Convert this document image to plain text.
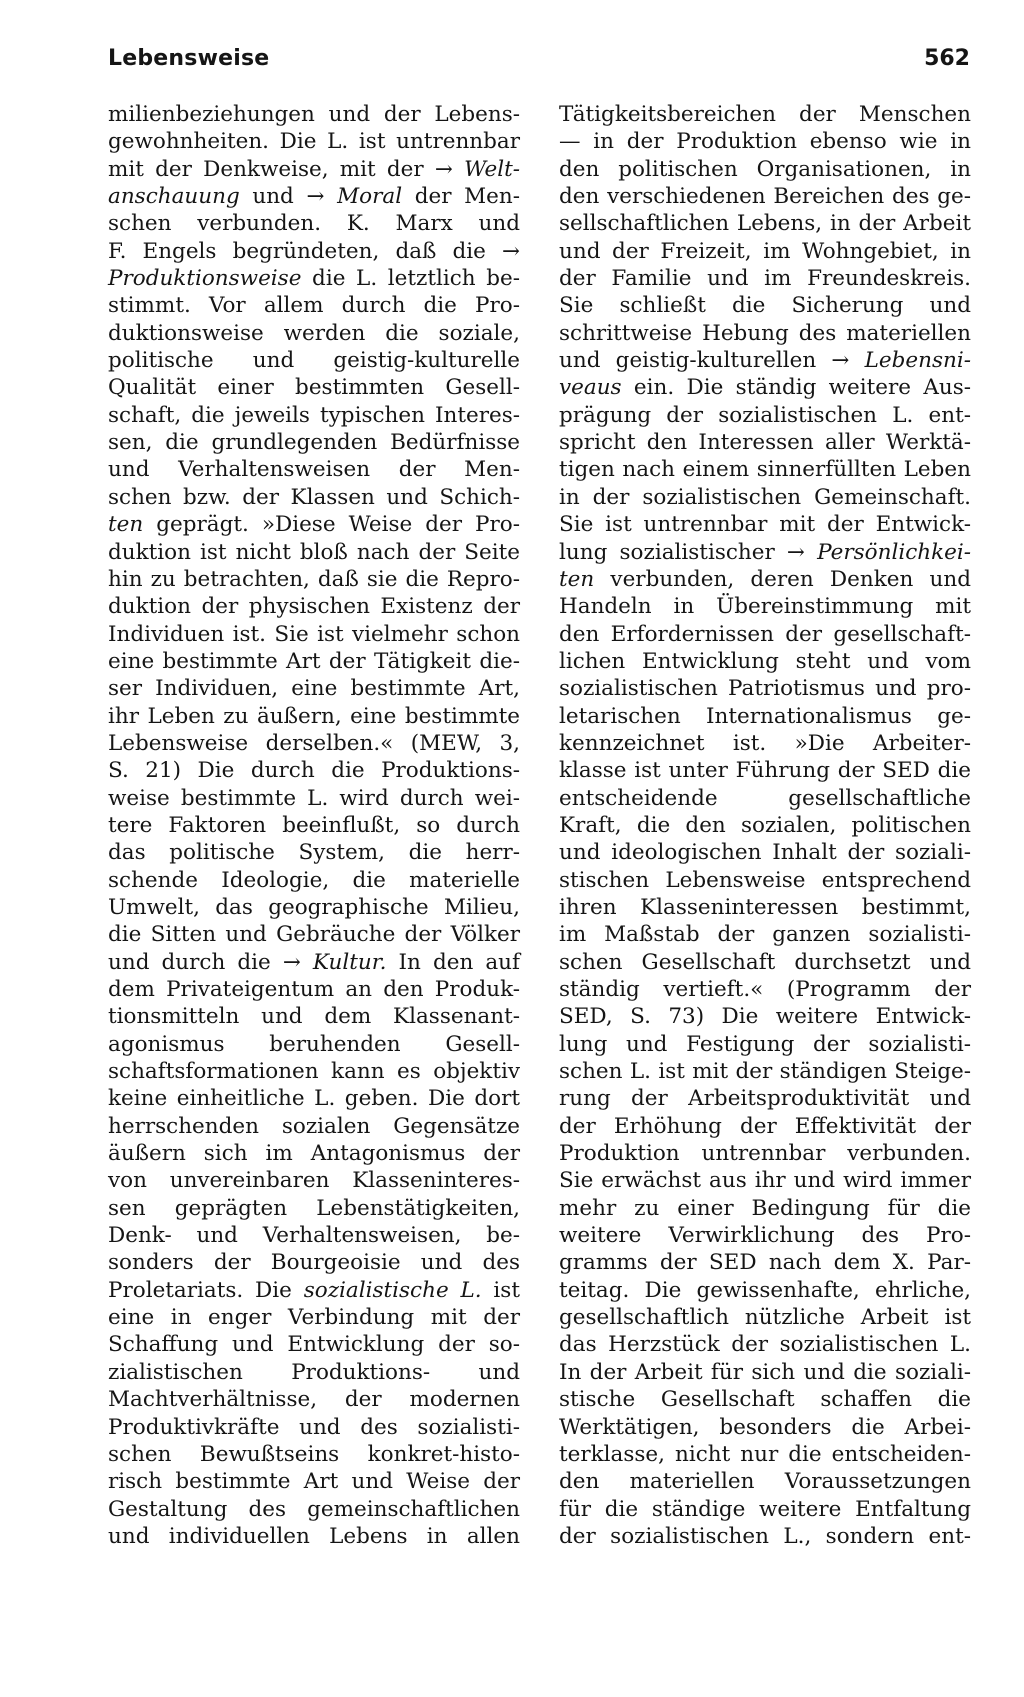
Lebensweise	562
milienbeziehungen und der Lebens-
gewohnheiten. Die L. ist untrennbar
mit der Denkweise, mit der → Welt-
anschauung und → Moral der Men-
schen verbunden. K. Marx und
F. Engels begründeten, daß die →
Produktionsweise die L. letztlich be-
stimmt. Vor allem durch die Pro-
duktionsweise werden die soziale,
politische und geistig-kulturelle
Qualität einer bestimmten Gesell-
schaft, die jeweils typischen Interes-
sen, die grundlegenden Bedürfnisse
und Verhaltensweisen der Men-
schen bzw. der Klassen und Schich-
ten geprägt. »Diese Weise der Pro-
duktion ist nicht bloß nach der Seite
hin zu betrachten, daß sie die Repro-
duktion der physischen Existenz der
Individuen ist. Sie ist vielmehr schon
eine bestimmte Art der Tätigkeit die-
ser Individuen, eine bestimmte Art,
ihr Leben zu äußern, eine bestimmte
Lebensweise derselben.« (MEW, 3,
S. 21) Die durch die Produktions-
weise bestimmte L. wird durch wei-
tere Faktoren beeinflußt, so durch
das politische System, die herr-
schende Ideologie, die materielle
Umwelt, das geographische Milieu,
die Sitten und Gebräuche der Völker
und durch die → Kultur. In den auf
dem Privateigentum an den Produk-
tionsmitteln und dem Klassenant-
agonismus beruhenden Gesell-
schaftsformationen kann es objektiv
keine einheitliche L. geben. Die dort
herrschenden sozialen Gegensätze
äußern sich im Antagonismus der
von unvereinbaren Klasseninteres-
sen geprägten Lebenstätigkeiten,
Denk- und Verhaltensweisen, be-
sonders der Bourgeoisie und des
Proletariats. Die sozialistische L. ist
eine in enger Verbindung mit der
Schaffung und Entwicklung der so-
zialistischen Produktions- und
Machtverhältnisse, der modernen
Produktivkräfte und des sozialisti-
schen Bewußtseins konkret-histo-
risch bestimmte Art und Weise der
Gestaltung des gemeinschaftlichen
und individuellen Lebens in allen
Tätigkeitsbereichen der Menschen
— in der Produktion ebenso wie in
den politischen Organisationen, in
den verschiedenen Bereichen des ge-
sellschaftlichen Lebens, in der Arbeit
und der Freizeit, im Wohngebiet, in
der Familie und im Freundeskreis.
Sie schließt die Sicherung und
schrittweise Hebung des materiellen
und geistig-kulturellen → Lebensni-
veaus ein. Die ständig weitere Aus-
prägung der sozialistischen L. ent-
spricht den Interessen aller Werktä-
tigen nach einem sinnerfüllten Leben
in der sozialistischen Gemeinschaft.
Sie ist untrennbar mit der Entwick-
lung sozialistischer → Persönlichkei-
ten verbunden, deren Denken und
Handeln in Übereinstimmung mit
den Erfordernissen der gesellschaft-
lichen Entwicklung steht und vom
sozialistischen Patriotismus und pro-
letarischen Internationalismus ge-
kennzeichnet ist. »Die Arbeiter-
klasse ist unter Führung der SED die
entscheidende gesellschaftliche
Kraft, die den sozialen, politischen
und ideologischen Inhalt der soziali-
stischen Lebensweise entsprechend
ihren Klasseninteressen bestimmt,
im Maßstab der ganzen sozialisti-
schen Gesellschaft durchsetzt und
ständig vertieft.« (Programm der
SED, S. 73) Die weitere Entwick-
lung und Festigung der sozialisti-
schen L. ist mit der ständigen Steige-
rung der Arbeitsproduktivität und
der Erhöhung der Effektivität der
Produktion untrennbar verbunden.
Sie erwächst aus ihr und wird immer
mehr zu einer Bedingung für die
weitere Verwirklichung des Pro-
gramms der SED nach dem X. Par-
teitag. Die gewissenhafte, ehrliche,
gesellschaftlich nützliche Arbeit ist
das Herzstück der sozialistischen L.
In der Arbeit für sich und die soziali-
stische Gesellschaft schaffen die
Werktätigen, besonders die Arbei-
terklasse, nicht nur die entscheiden-
den materiellen Voraussetzungen
für die ständige weitere Entfaltung
der sozialistischen L., sondern ent-
